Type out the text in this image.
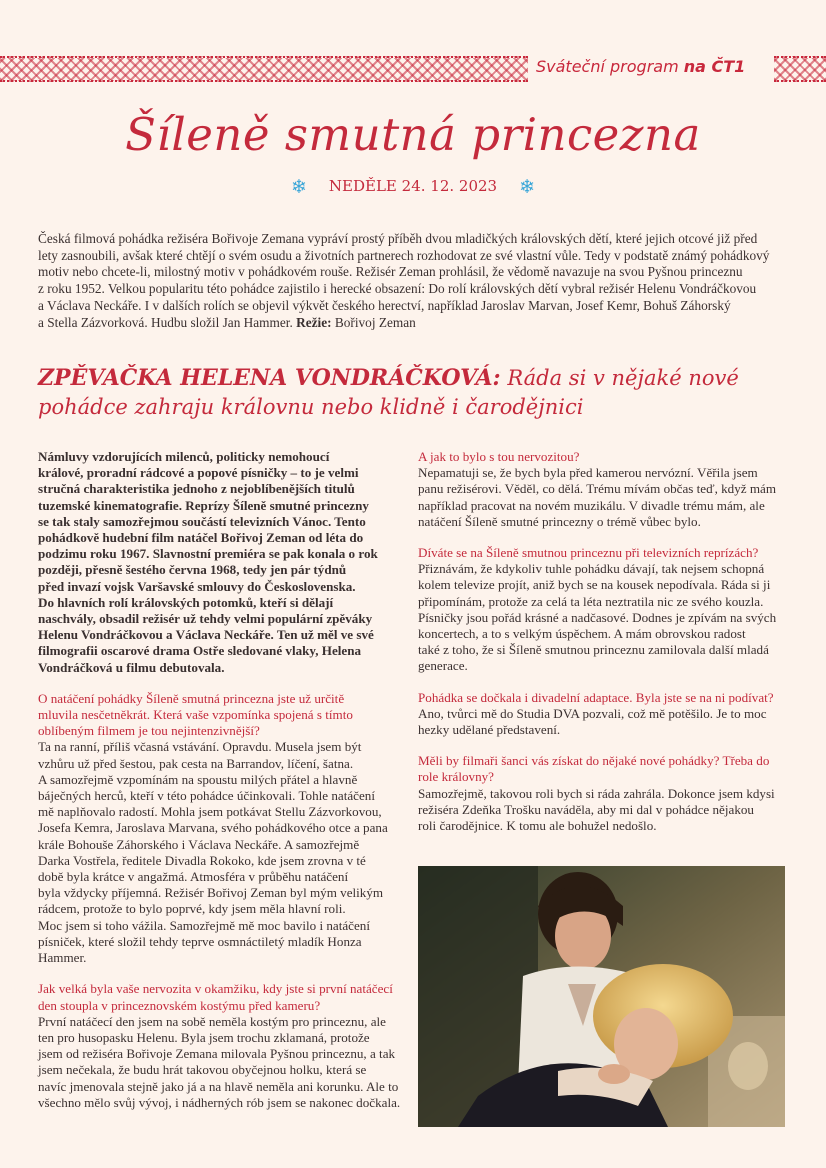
Sváteční program na ČT1
Šíleně smutná princezna
❄ NEDĚLE 24. 12. 2023 ❄
Česká filmová pohádka režiséra Bořivoje Zemana vypráví prostý příběh dvou mladičkých královských dětí, které jejich otcové již před
lety zasnoubili, avšak které chtějí o svém osudu a životních partnerech rozhodovat ze své vlastní vůle. Tedy v podstatě známý pohádkový
motiv nebo chcete-li, milostný motiv v pohádkovém rouše. Režisér Zeman prohlásil, že vědomě navazuje na svou Pyšnou princeznu
z roku 1952. Velkou popularitu této pohádce zajistilo i herecké obsazení: Do rolí královských dětí vybral režisér Helenu Vondráčkovou
a Václava Neckáře. I v dalších rolích se objevil výkvět českého herectví, například Jaroslav Marvan, Josef Kemr, Bohuš Záhorský
a Stella Zázvorková. Hudbu složil Jan Hammer. Režie: Bořivoj Zeman
ZPĚVAČKA HELENA VONDRÁČKOVÁ: Ráda si v nějaké nové
pohádce zahraju královnu nebo klidně i čarodějnici
Námluvy vzdorujících milenců, politicky nemohoucí
králové, proradní rádcové a popové písničky – to je velmi
stručná charakteristika jednoho z nejoblíbenějších titulů
tuzemské kinematografie. Reprízy Šíleně smutné princezny
se tak staly samozřejmou součástí televizních Vánoc. Tento
pohádkově hudební film natáčel Bořivoj Zeman od léta do
podzimu roku 1967. Slavnostní premiéra se pak konala o rok
později, přesně šestého června 1968, tedy jen pár týdnů
před invazí vojsk Varšavské smlouvy do Československa.
Do hlavních rolí královských potomků, kteří si dělají
naschvály, obsadil režisér už tehdy velmi populární zpěváky
Helenu Vondráčkovou a Václava Neckáře. Ten už měl ve své
filmografii oscarové drama Ostře sledované vlaky, Helena
Vondráčková u filmu debutovala.
O natáčení pohádky Šíleně smutná princezna jste už určitě
mluvila nesčetněkrát. Která vaše vzpomínka spojená s tímto
oblíbeným filmem je tou nejintenzivnější?
Ta na ranní, příliš včasná vstávání. Opravdu. Musela jsem být
vzhůru už před šestou, pak cesta na Barrandov, líčení, šatna.
A samozřejmě vzpomínám na spoustu milých přátel a hlavně
báječných herců, kteří v této pohádce účinkovali. Tohle natáčení
mě naplňovalo radostí. Mohla jsem potkávat Stellu Zázvorkovou,
Josefa Kemra, Jaroslava Marvana, svého pohádkového otce a pana
krále Bohouše Záhorského i Václava Neckáře. A samozřejmě
Darka Vostřela, ředitele Divadla Rokoko, kde jsem zrovna v té
době byla krátce v angažmá. Atmosféra v průběhu natáčení
byla vždycky příjemná. Režisér Bořivoj Zeman byl mým velikým
rádcem, protože to bylo poprvé, kdy jsem měla hlavní roli.
Moc jsem si toho vážila. Samozřejmě mě moc bavilo i natáčení
písniček, které složil tehdy teprve osmnáctiletý mladík Honza
Hammer.
Jak velká byla vaše nervozita v okamžiku, kdy jste si první natáčecí
den stoupla v princeznovském kostýmu před kameru?
První natáčecí den jsem na sobě neměla kostým pro princeznu, ale
ten pro husopasku Helenu. Byla jsem trochu zklamaná, protože
jsem od režiséra Bořivoje Zemana milovala Pyšnou princeznu, a tak
jsem nečekala, že budu hrát takovou obyčejnou holku, která se
navíc jmenovala stejně jako já a na hlavě neměla ani korunku. Ale to
všechno mělo svůj vývoj, i nádherných rób jsem se nakonec dočkala.
A jak to bylo s tou nervozitou?
Nepamatuji se, že bych byla před kamerou nervózní. Věřila jsem
panu režisérovi. Věděl, co dělá. Trému mívám občas teď, když mám
například pracovat na novém muzikálu. V divadle trému mám, ale
natáčení Šíleně smutné princezny o trémě vůbec bylo.
Díváte se na Šíleně smutnou princeznu při televizních reprízách?
Přiznávám, že kdykoliv tuhle pohádku dávají, tak nejsem schopná
kolem televize projít, aniž bych se na kousek nepodívala. Ráda si ji
připomínám, protože za celá ta léta neztratila nic ze svého kouzla.
Písničky jsou pořád krásné a nadčasové. Dodnes je zpívám na svých
koncertech, a to s velkým úspěchem. A mám obrovskou radost
také z toho, že si Šíleně smutnou princeznu zamilovala další mladá
generace.
Pohádka se dočkala i divadelní adaptace. Byla jste se na ni podívat?
Ano, tvůrci mě do Studia DVA pozvali, což mě potěšilo. Je to moc
hezky udělané představení.
Měli by filmaři šanci vás získat do nějaké nové pohádky? Třeba do
role královny?
Samozřejmě, takovou roli bych si ráda zahrála. Dokonce jsem kdysi
režiséra Zdeňka Trošku naváděla, aby mi dal v pohádce nějakou
roli čarodějnice. K tomu ale bohužel nedošlo.
